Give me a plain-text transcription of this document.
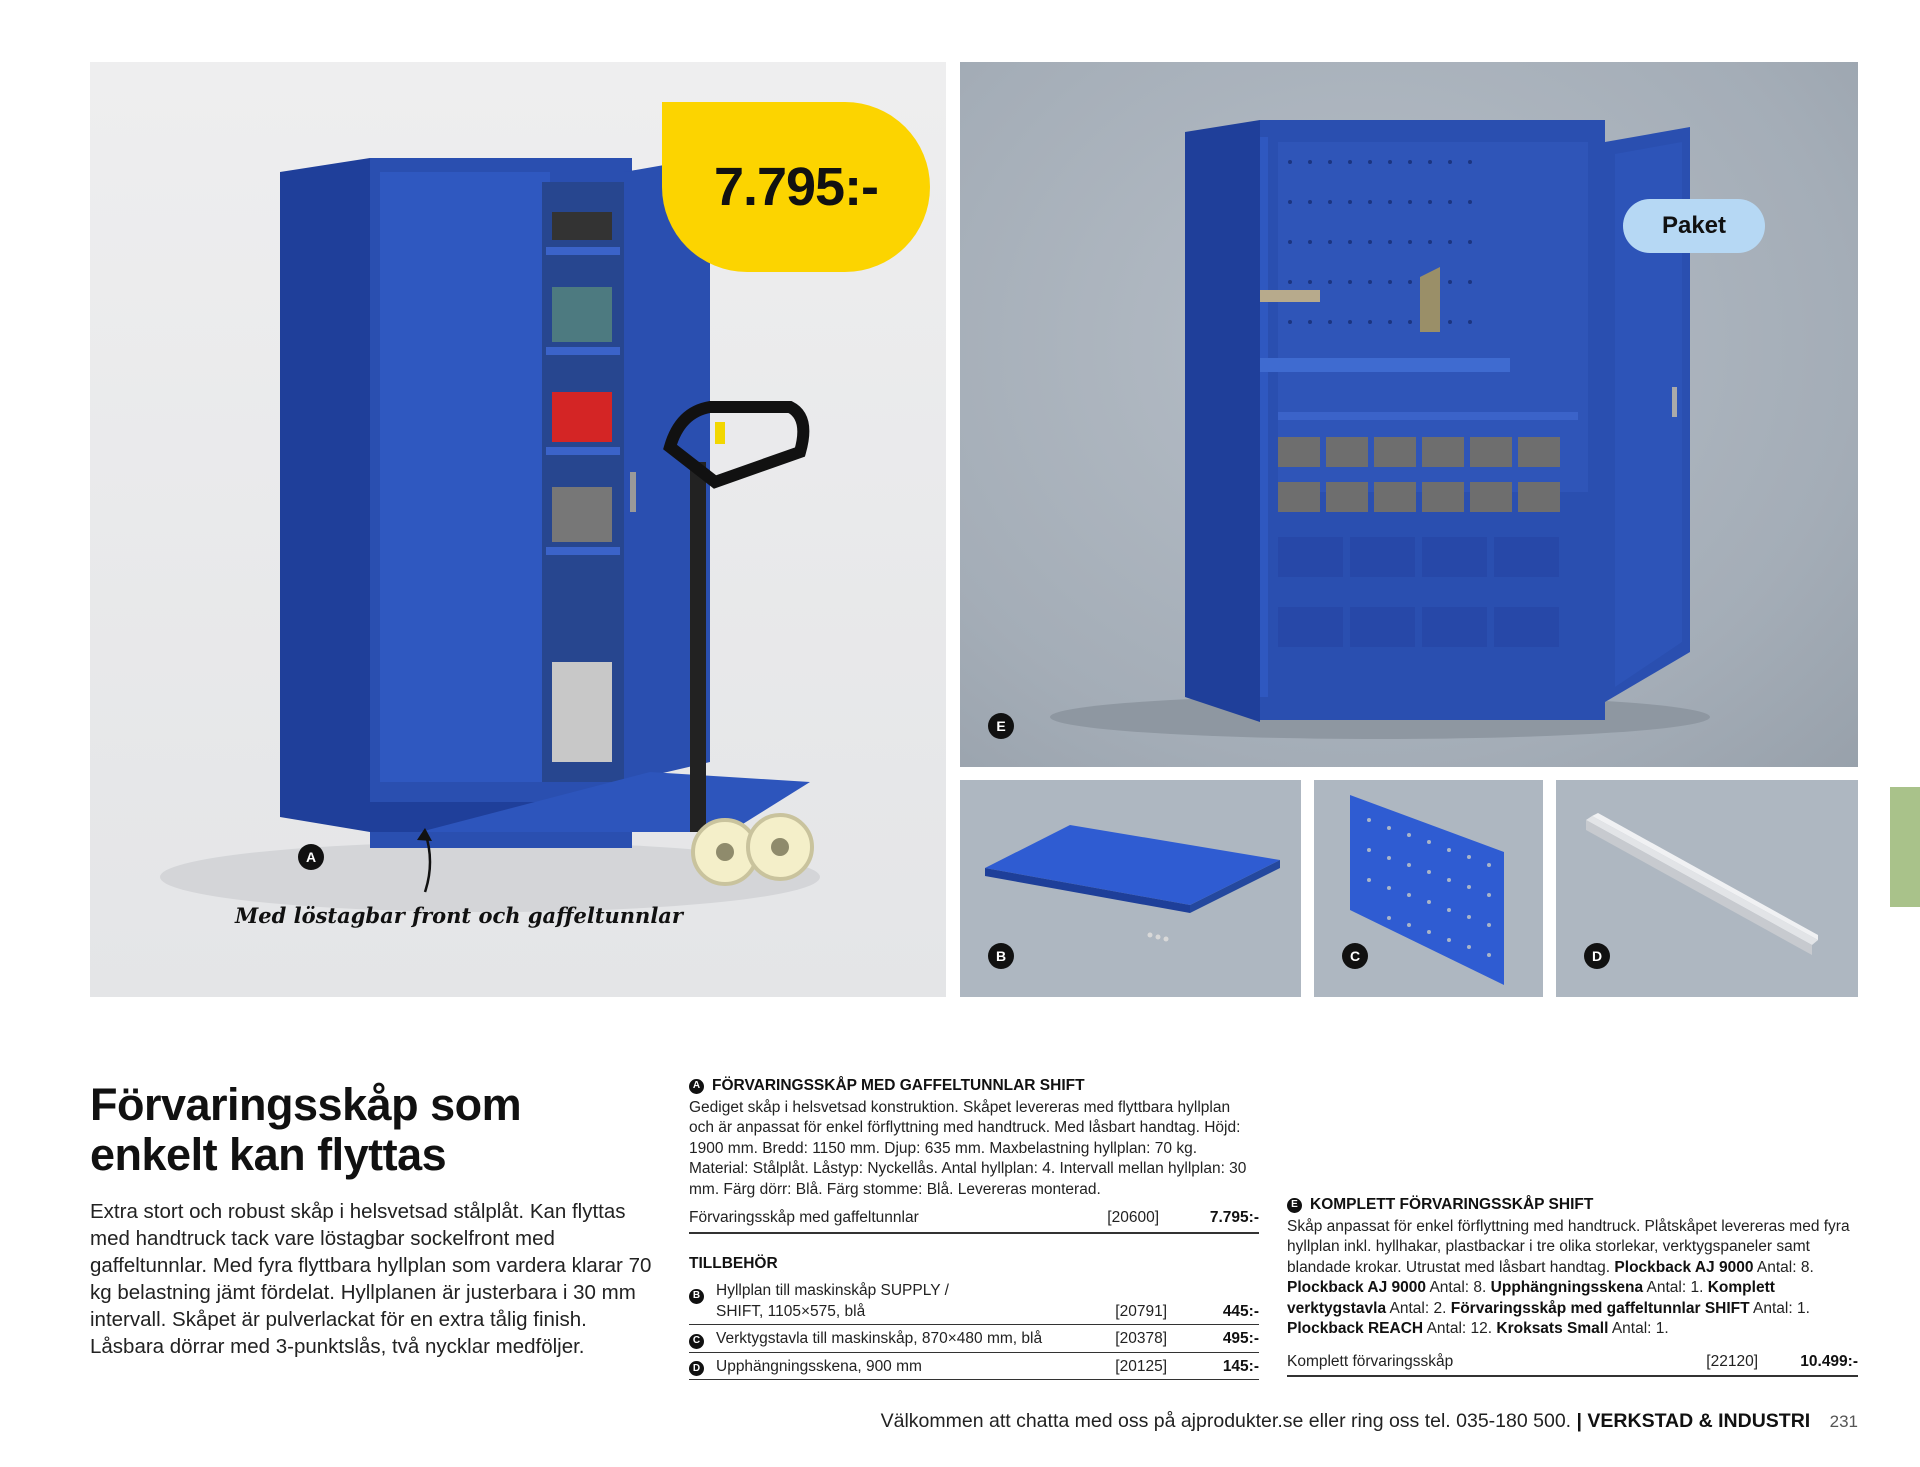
7.795:-
A
Med löstagbar front och gaffeltunnlar
Paket
E
B	C	D
Förvaringsskåp som
enkelt kan flyttas

Extra stort och robust skåp i helsvetsad stålplåt. Kan flyttas med handtruck tack vare löstagbar sockelfront med gaffeltunnlar. Med fyra flyttbara hyllplan som vardera klarar 70 kg belastning jämt fördelat. Hyllplanen är justerbara i 30 mm intervall. Skåpet är pulverlackat för en extra tålig finish. Låsbara dörrar med 3-punktslås, två nycklar medföljer.

A FÖRVARINGSSKÅP MED GAFFELTUNNLAR SHIFT

Gediget skåp i helsvetsad konstruktion. Skåpet levereras med flyttbara hyllplan och är anpassat för enkel förflyttning med handtruck. Med låsbart handtag. Höjd: 1900 mm. Bredd: 1150 mm. Djup: 635 mm. Maxbelastning hyllplan: 70 kg. Material: Stålplåt. Låstyp: Nyckellås. Antal hyllplan: 4. Intervall mellan hyllplan: 30 mm. Färg dörr: Blå. Färg stomme: Blå. Levereras monterad.

Förvaringsskåp med gaffeltunnlar	[20600]	7.795:-
TILLBEHÖR
B	Hyllplan till maskinskåp SUPPLY / SHIFT, 1105×575, blå	[20791]	445:-
C	Verktygstavla till maskinskåp, 870×480 mm, blå	[20378]	495:-
D	Upphängningsskena, 900 mm	[20125]	145:-
E KOMPLETT FÖRVARINGSSKÅP SHIFT

Skåp anpassat för enkel förflyttning med handtruck. Plåtskåpet levereras med fyra hyllplan inkl. hyllhakar, plastbackar i tre olika storlekar, verktygspaneler samt blandade krokar. Utrustat med låsbart handtag. Plockback AJ 9000 Antal: 8. Plockback AJ 9000 Antal: 8. Upphängningsskena Antal: 1. Komplett verktygstavla Antal: 2. Förvaringsskåp med gaffeltunnlar SHIFT Antal: 1. Plockback REACH Antal: 12. Kroksats Small Antal: 1.

Komplett förvaringsskåp	[22120]	10.499:-
Välkommen att chatta med oss på ajprodukter.se eller ring oss tel. 035-180 500. | VERKSTAD & INDUSTRI 231
